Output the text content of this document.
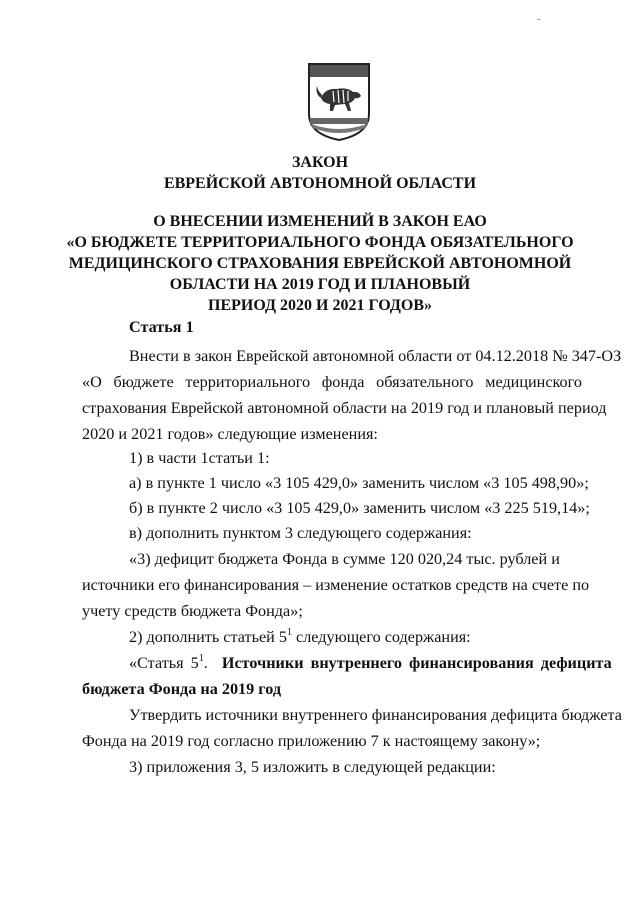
-
ЗАКОН
ЕВРЕЙСКОЙ АВТОНОМНОЙ ОБЛАСТИ
О ВНЕСЕНИИ ИЗМЕНЕНИЙ В ЗАКОН ЕАО
«О БЮДЖЕТЕ ТЕРРИТОРИАЛЬНОГО ФОНДА ОБЯЗАТЕЛЬНОГО
МЕДИЦИНСКОГО СТРАХОВАНИЯ ЕВРЕЙСКОЙ АВТОНОМНОЙ
ОБЛАСТИ НА 2019 ГОД И ПЛАНОВЫЙ
ПЕРИОД 2020 И 2021 ГОДОВ»
Статья 1
Внести в закон Еврейской автономной области от 04.12.2018 № 347-ОЗ
«О бюджете территориального фонда обязательного медицинского
страхования Еврейской автономной области на 2019 год и плановый период
2020 и 2021 годов» следующие изменения:
1) в части 1статьи 1:
а) в пункте 1 число «3 105 429,0» заменить числом «3 105 498,90»;
б) в пункте 2 число «3 105 429,0» заменить числом «3 225 519,14»;
в) дополнить пунктом 3 следующего содержания:
«3) дефицит бюджета Фонда в сумме 120 020,24 тыс. рублей и
источники его финансирования – изменение остатков средств на счете по
учету средств бюджета Фонда»;
2) дополнить статьей $5^1$ следующего содержания:
«Статья $5^1$. Источники внутреннего финансирования дефицита
бюджета Фонда на 2019 год
Утвердить источники внутреннего финансирования дефицита бюджета
Фонда на 2019 год согласно приложению 7 к настоящему закону»;
3) приложения 3, 5 изложить в следующей редакции:
